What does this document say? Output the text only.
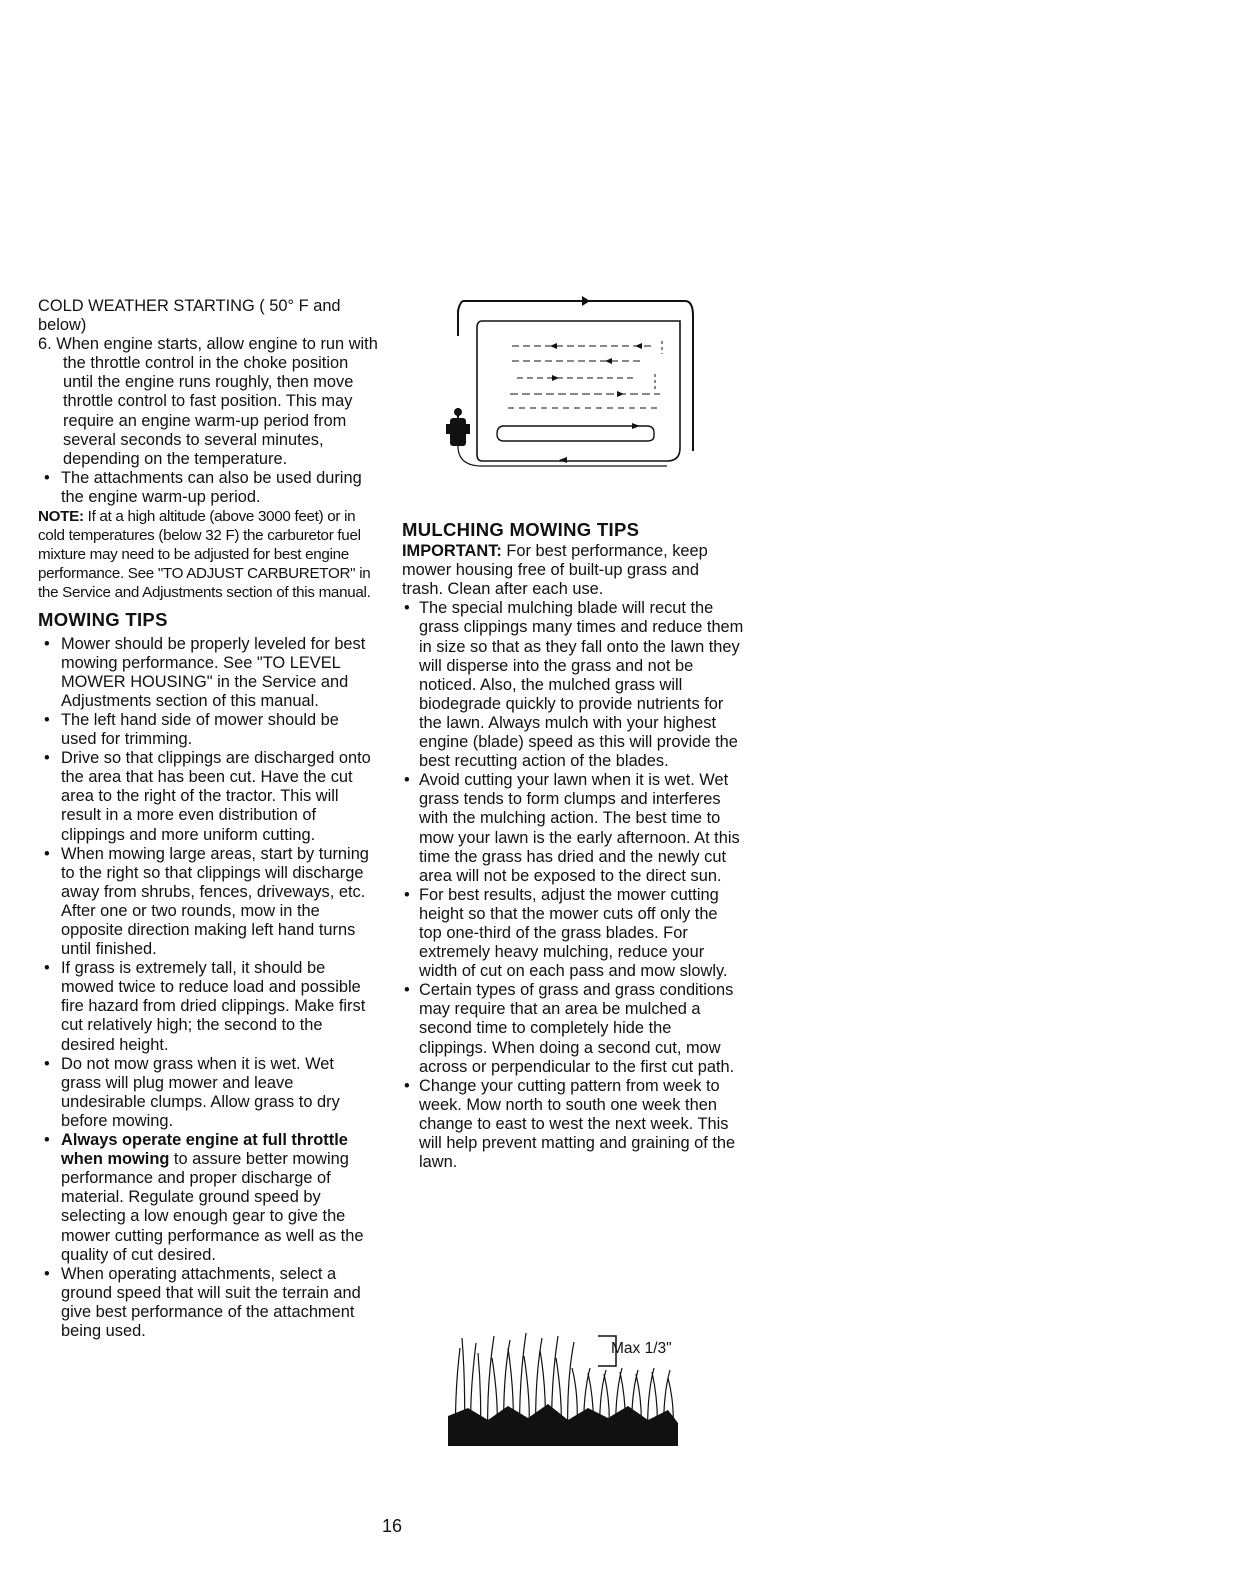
COLD WEATHER STARTING ( 50° F and below)

6. When engine starts, allow engine to run with the throttle control in the choke position until the engine runs roughly, then move throttle control to fast position. This may require an engine warm-up period from several seconds to several minutes, depending on the temperature.

• The attachments can also be used during the engine warm-up period.

NOTE: If at a high altitude (above 3000 feet) or in cold temperatures (below 32 F) the carburetor fuel mixture may need to be adjusted for best engine performance. See "TO ADJUST CARBURETOR" in the Service and Adjustments section of this manual.

MOWING TIPS
• Mower should be properly leveled for best mowing performance. See "TO LEVEL MOWER HOUSING" in the Service and Adjustments section of this manual.
• The left hand side of mower should be used for trimming.
• Drive so that clippings are discharged onto the area that has been cut. Have the cut area to the right of the tractor. This will result in a more even distribution of clippings and more uniform cutting.
• When mowing large areas, start by turning to the right so that clippings will discharge away from shrubs, fences, driveways, etc. After one or two rounds, mow in the opposite direction making left hand turns until finished.
• If grass is extremely tall, it should be mowed twice to reduce load and possible fire hazard from dried clippings. Make first cut relatively high; the second to the desired height.
• Do not mow grass when it is wet. Wet grass will plug mower and leave undesirable clumps. Allow grass to dry before mowing.
• Always operate engine at full throttle when mowing to assure better mowing performance and proper discharge of material. Regulate ground speed by selecting a low enough gear to give the mower cutting performance as well as the quality of cut desired.
• When operating attachments, select a ground speed that will suit the terrain and give best performance of the attachment being used.
MULCHING MOWING TIPS

IMPORTANT: For best performance, keep mower housing free of built-up grass and trash. Clean after each use.

• The special mulching blade will recut the grass clippings many times and reduce them in size so that as they fall onto the lawn they will disperse into the grass and not be noticed. Also, the mulched grass will biodegrade quickly to provide nutrients for the lawn. Always mulch with your highest engine (blade) speed as this will provide the best recutting action of the blades.
• Avoid cutting your lawn when it is wet. Wet grass tends to form clumps and interferes with the mulching action. The best time to mow your lawn is the early afternoon. At this time the grass has dried and the newly cut area will not be exposed to the direct sun.
• For best results, adjust the mower cutting height so that the mower cuts off only the top one-third of the grass blades. For extremely heavy mulching, reduce your width of cut on each pass and mow slowly.
• Certain types of grass and grass conditions may require that an area be mulched a second time to completely hide the clippings. When doing a second cut, mow across or perpendicular to the first cut path.
• Change your cutting pattern from week to week. Mow north to south one week then change to east to west the next week. This will help prevent matting and graining of the lawn.
Max 1/3"
16
